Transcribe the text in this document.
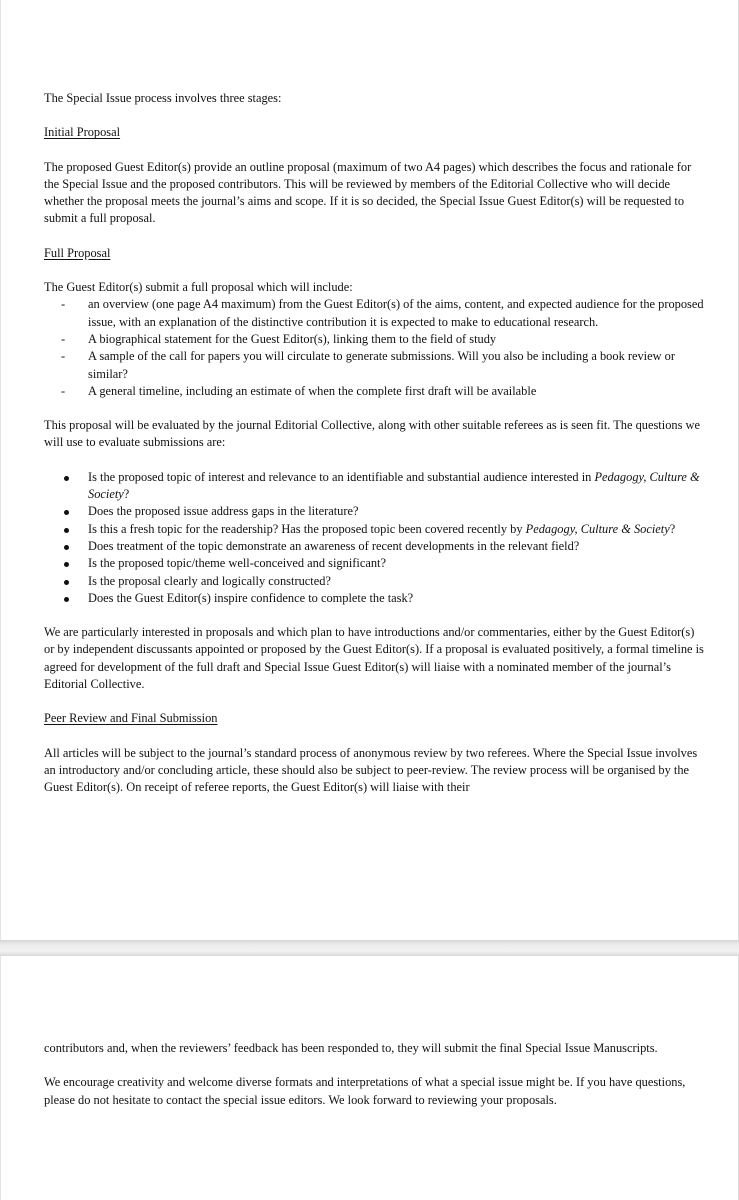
The Special Issue process involves three stages:

Initial Proposal

The proposed Guest Editor(s) provide an outline proposal (maximum of two A4 pages) which describes the focus and rationale for the Special Issue and the proposed contributors. This will be reviewed by members of the Editorial Collective who will decide whether the proposal meets the journal’s aims and scope. If it is so decided, the Special Issue Guest Editor(s) will be requested to submit a full proposal.

Full Proposal

The Guest Editor(s) submit a full proposal which will include:

- an overview (one page A4 maximum) from the Guest Editor(s) of the aims, content, and expected audience for the proposed issue, with an explanation of the distinctive contribution it is expected to make to educational research.
- A biographical statement for the Guest Editor(s), linking them to the field of study
- A sample of the call for papers you will circulate to generate submissions. Will you also be including a book review or similar?
- A general timeline, including an estimate of when the complete first draft will be available

This proposal will be evaluated by the journal Editorial Collective, along with other suitable referees as is seen fit. The questions we will use to evaluate submissions are:

Is the proposed topic of interest and relevance to an identifiable and substantial audience interested in Pedagogy, Culture & Society?
Does the proposed issue address gaps in the literature?
Is this a fresh topic for the readership? Has the proposed topic been covered recently by Pedagogy, Culture & Society?
Does treatment of the topic demonstrate an awareness of recent developments in the relevant field?
Is the proposed topic/theme well-conceived and significant?
Is the proposal clearly and logically constructed?
Does the Guest Editor(s) inspire confidence to complete the task?

We are particularly interested in proposals and which plan to have introductions and/or commentaries, either by the Guest Editor(s) or by independent discussants appointed or proposed by the Guest Editor(s). If a proposal is evaluated positively, a formal timeline is agreed for development of the full draft and Special Issue Guest Editor(s) will liaise with a nominated member of the journal’s Editorial Collective.

Peer Review and Final Submission

All articles will be subject to the journal’s standard process of anonymous review by two referees. Where the Special Issue involves an introductory and/or concluding article, these should also be subject to peer-review. The review process will be organised by the Guest Editor(s). On receipt of referee reports, the Guest Editor(s) will liaise with their

contributors and, when the reviewers’ feedback has been responded to, they will submit the final Special Issue Manuscripts.

We encourage creativity and welcome diverse formats and interpretations of what a special issue might be. If you have questions, please do not hesitate to contact the special issue editors. We look forward to reviewing your proposals.
